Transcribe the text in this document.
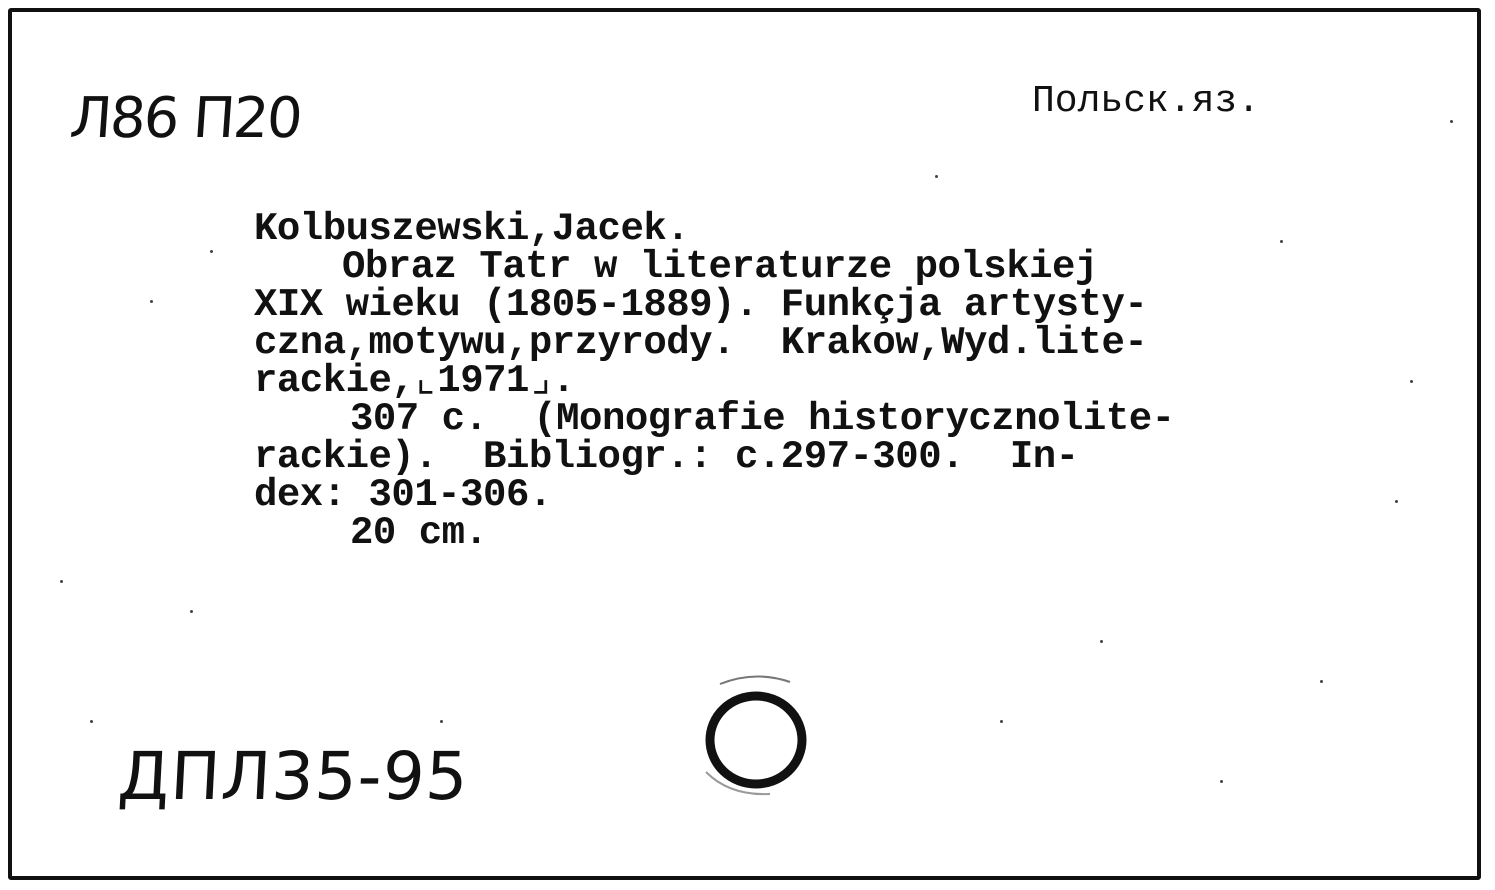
Л86 П20	Польск.яз.
Kolbuszewski,Jacek.
Obraz Tatr w literaturze polskiej
XIX wieku (1805-1889). Funkçja artysty-
czna,motywu,przyrody.  Krakow,Wyd.lite-
rackie,⌞1971⌟.
307 c.  (Monografie historycznolite-
rackie).  Bibliogr.: c.297-300.  In-
dex: 301-306.
20 cm.
ДПЛ35-95
